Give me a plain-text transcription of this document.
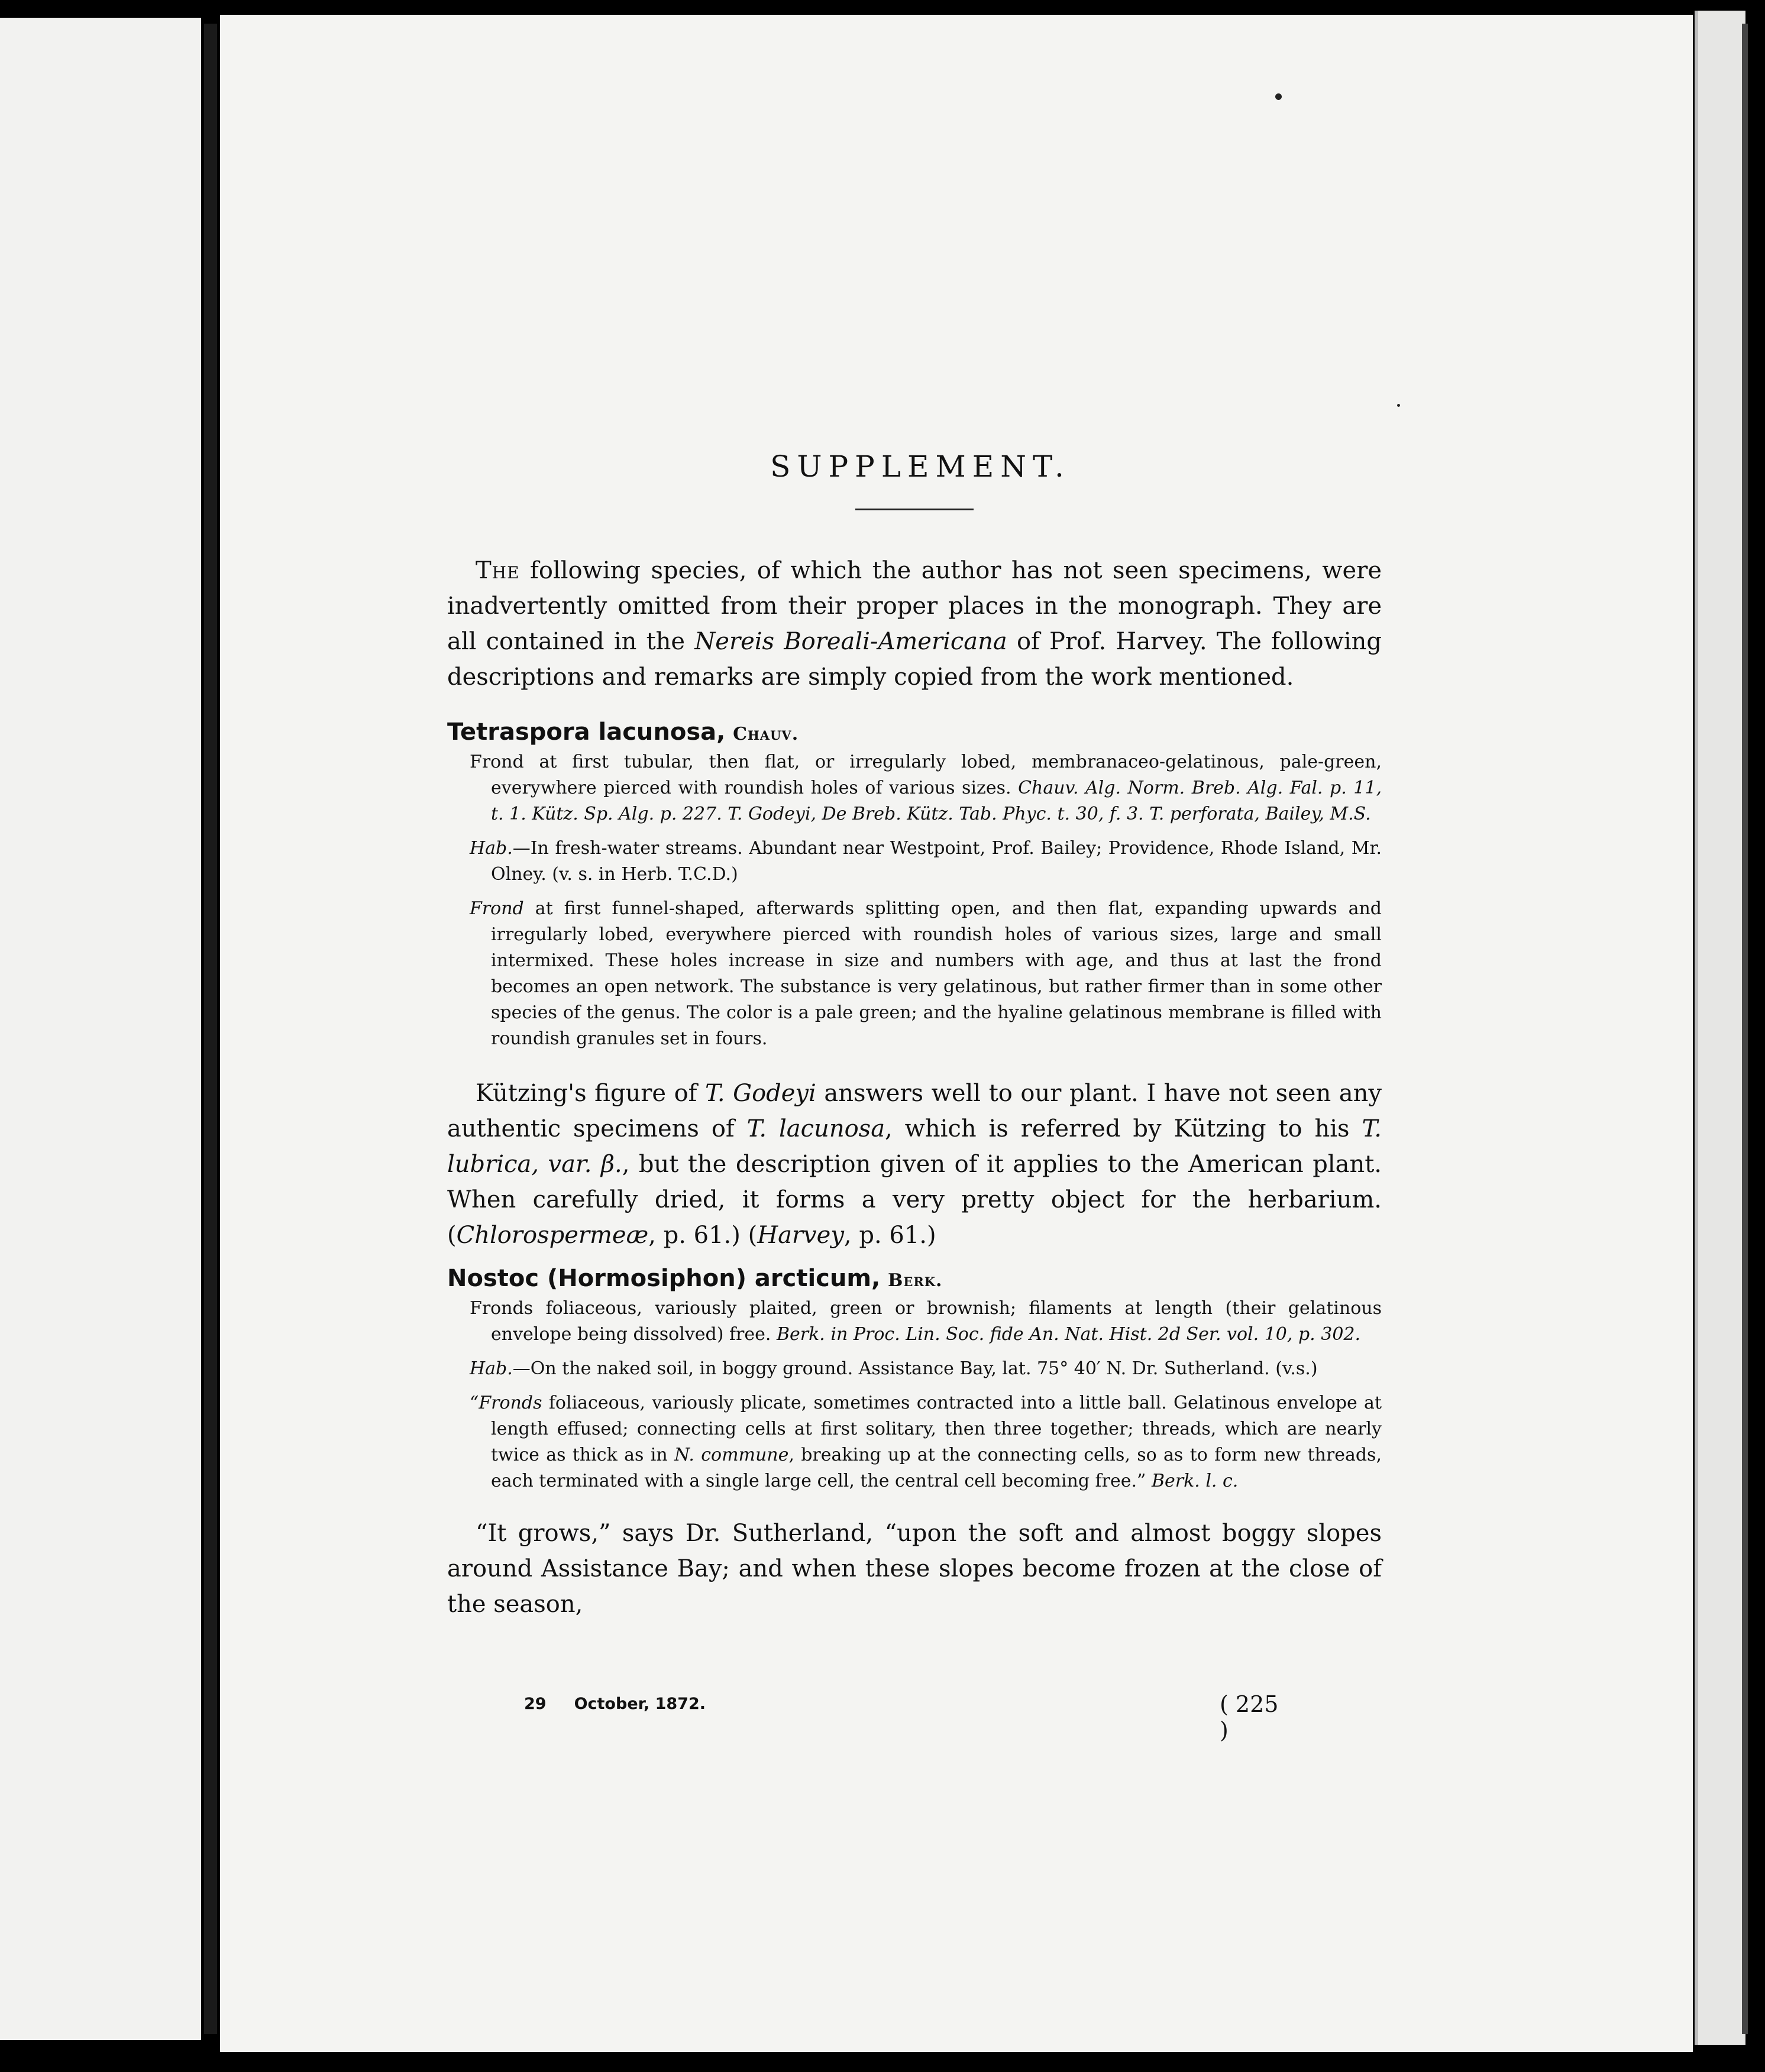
SUPPLEMENT.

The following species, of which the author has not seen specimens, were inadvertently omitted from their proper places in the monograph. They are all contained in the Nereis Boreali-Americana of Prof. Harvey. The following descriptions and remarks are simply copied from the work mentioned.

Tetraspora lacunosa, Chauv.

Frond at first tubular, then flat, or irregularly lobed, membranaceo-gelatinous, pale-green, everywhere pierced with roundish holes of various sizes. Chauv. Alg. Norm. Breb. Alg. Fal. p. 11, t. 1. Kütz. Sp. Alg. p. 227. T. Godeyi, De Breb. Kütz. Tab. Phyc. t. 30, f. 3. T. perforata, Bailey, M.S.

Hab.—In fresh-water streams. Abundant near Westpoint, Prof. Bailey; Providence, Rhode Island, Mr. Olney. (v. s. in Herb. T.C.D.)

Frond at first funnel-shaped, afterwards splitting open, and then flat, expanding upwards and irregularly lobed, everywhere pierced with roundish holes of various sizes, large and small intermixed. These holes increase in size and numbers with age, and thus at last the frond becomes an open network. The substance is very gelatinous, but rather firmer than in some other species of the genus. The color is a pale green; and the hyaline gelatinous membrane is filled with roundish granules set in fours.

Kützing's figure of T. Godeyi answers well to our plant. I have not seen any authentic specimens of T. lacunosa, which is referred by Kützing to his T. lubrica, var. β., but the description given of it applies to the American plant. When carefully dried, it forms a very pretty object for the herbarium. (Chlorospermeæ, p. 61.) (Harvey, p. 61.)

Nostoc (Hormosiphon) arcticum, Berk.

Fronds foliaceous, variously plaited, green or brownish; filaments at length (their gelatinous envelope being dissolved) free. Berk. in Proc. Lin. Soc. fide An. Nat. Hist. 2d Ser. vol. 10, p. 302.

Hab.—On the naked soil, in boggy ground. Assistance Bay, lat. 75° 40′ N. Dr. Sutherland. (v.s.)

“Fronds foliaceous, variously plicate, sometimes contracted into a little ball. Gelatinous envelope at length effused; connecting cells at first solitary, then three together; threads, which are nearly twice as thick as in N. commune, breaking up at the connecting cells, so as to form new threads, each terminated with a single large cell, the central cell becoming free.” Berk. l. c.

“It grows,” says Dr. Sutherland, “upon the soft and almost boggy slopes around Assistance Bay; and when these slopes become frozen at the close of the season,

29     October, 1872.	( 225 )
